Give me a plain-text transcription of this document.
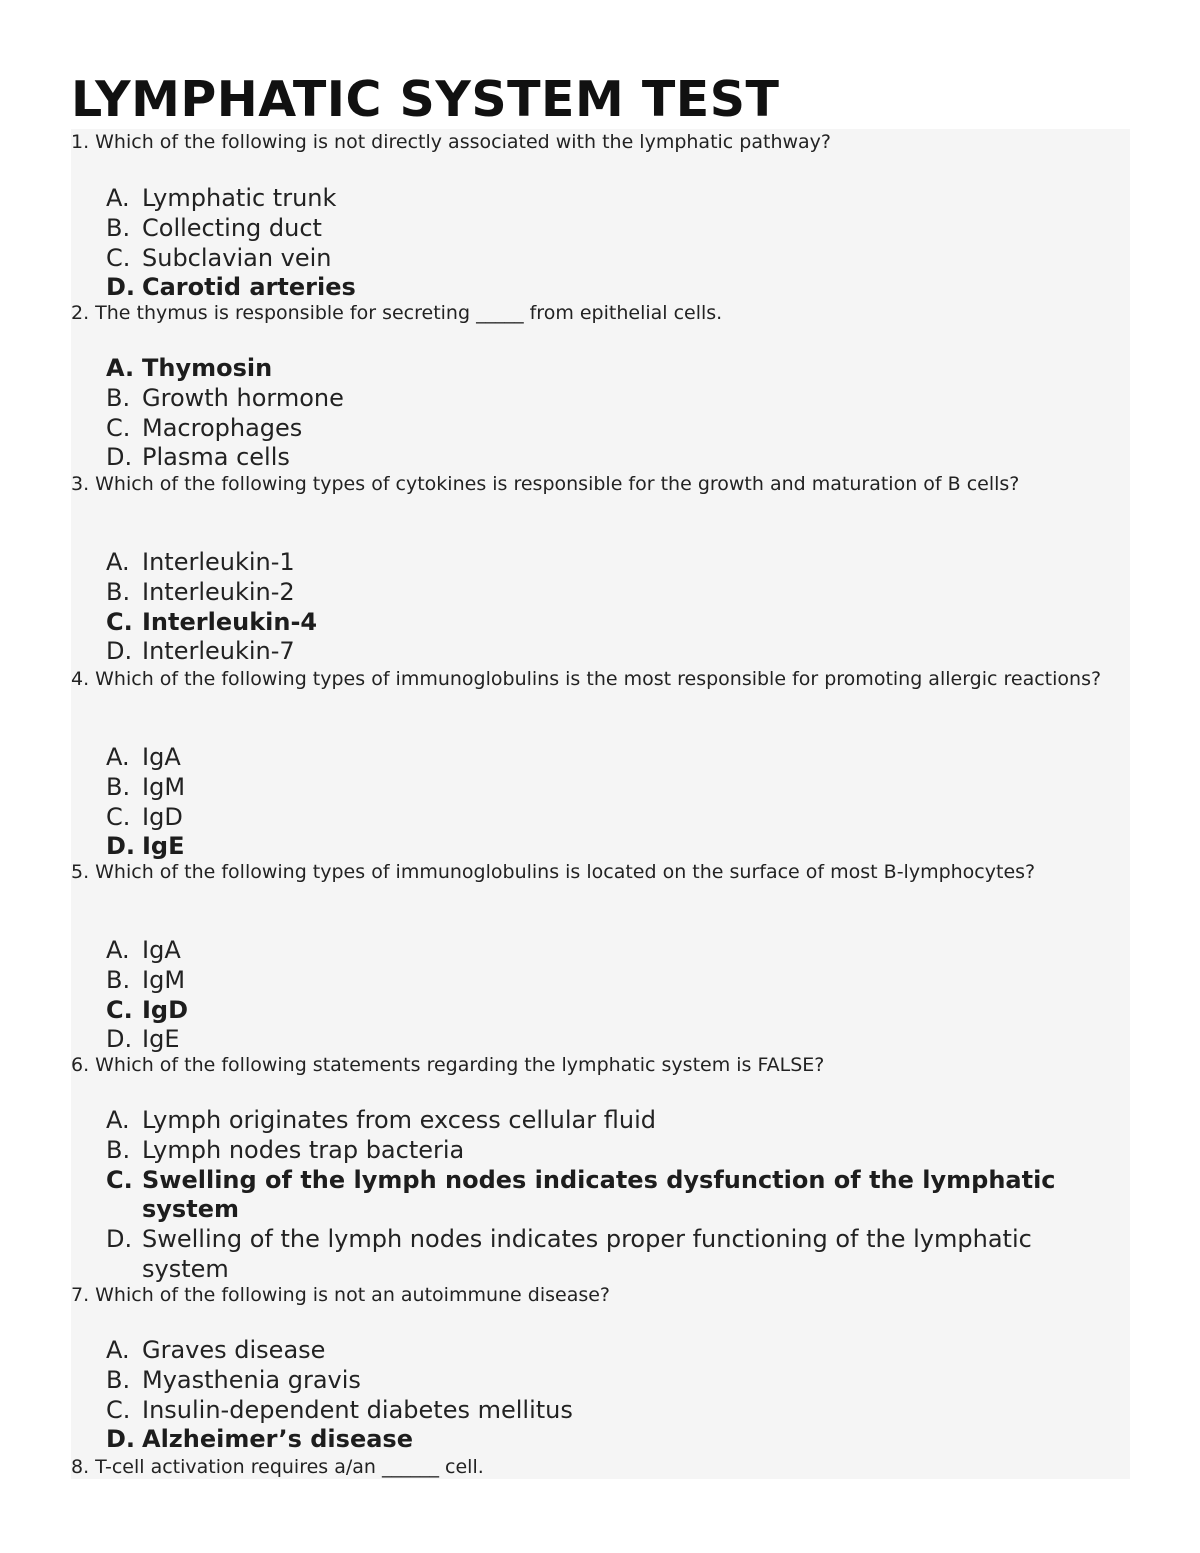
LYMPHATIC SYSTEM TEST
1. Which of the following is not directly associated with the lymphatic pathway?
A. Lymphatic trunk
B. Collecting duct
C. Subclavian vein
D. Carotid arteries
2. The thymus is responsible for secreting _____ from epithelial cells.
A. Thymosin
B. Growth hormone
C. Macrophages
D. Plasma cells
3. Which of the following types of cytokines is responsible for the growth and maturation of B cells?
A. Interleukin-1
B. Interleukin-2
C. Interleukin-4
D. Interleukin-7
4. Which of the following types of immunoglobulins is the most responsible for promoting allergic reactions?
A. IgA
B. IgM
C. IgD
D. IgE
5. Which of the following types of immunoglobulins is located on the surface of most B-lymphocytes?
A. IgA
B. IgM
C. IgD
D. IgE
6. Which of the following statements regarding the lymphatic system is FALSE?
A. Lymph originates from excess cellular fluid
B. Lymph nodes trap bacteria
C. Swelling of the lymph nodes indicates dysfunction of the lymphatic system
D. Swelling of the lymph nodes indicates proper functioning of the lymphatic system
7. Which of the following is not an autoimmune disease?
A. Graves disease
B. Myasthenia gravis
C. Insulin-dependent diabetes mellitus
D. Alzheimer’s disease
8. T-cell activation requires a/an ______ cell.
